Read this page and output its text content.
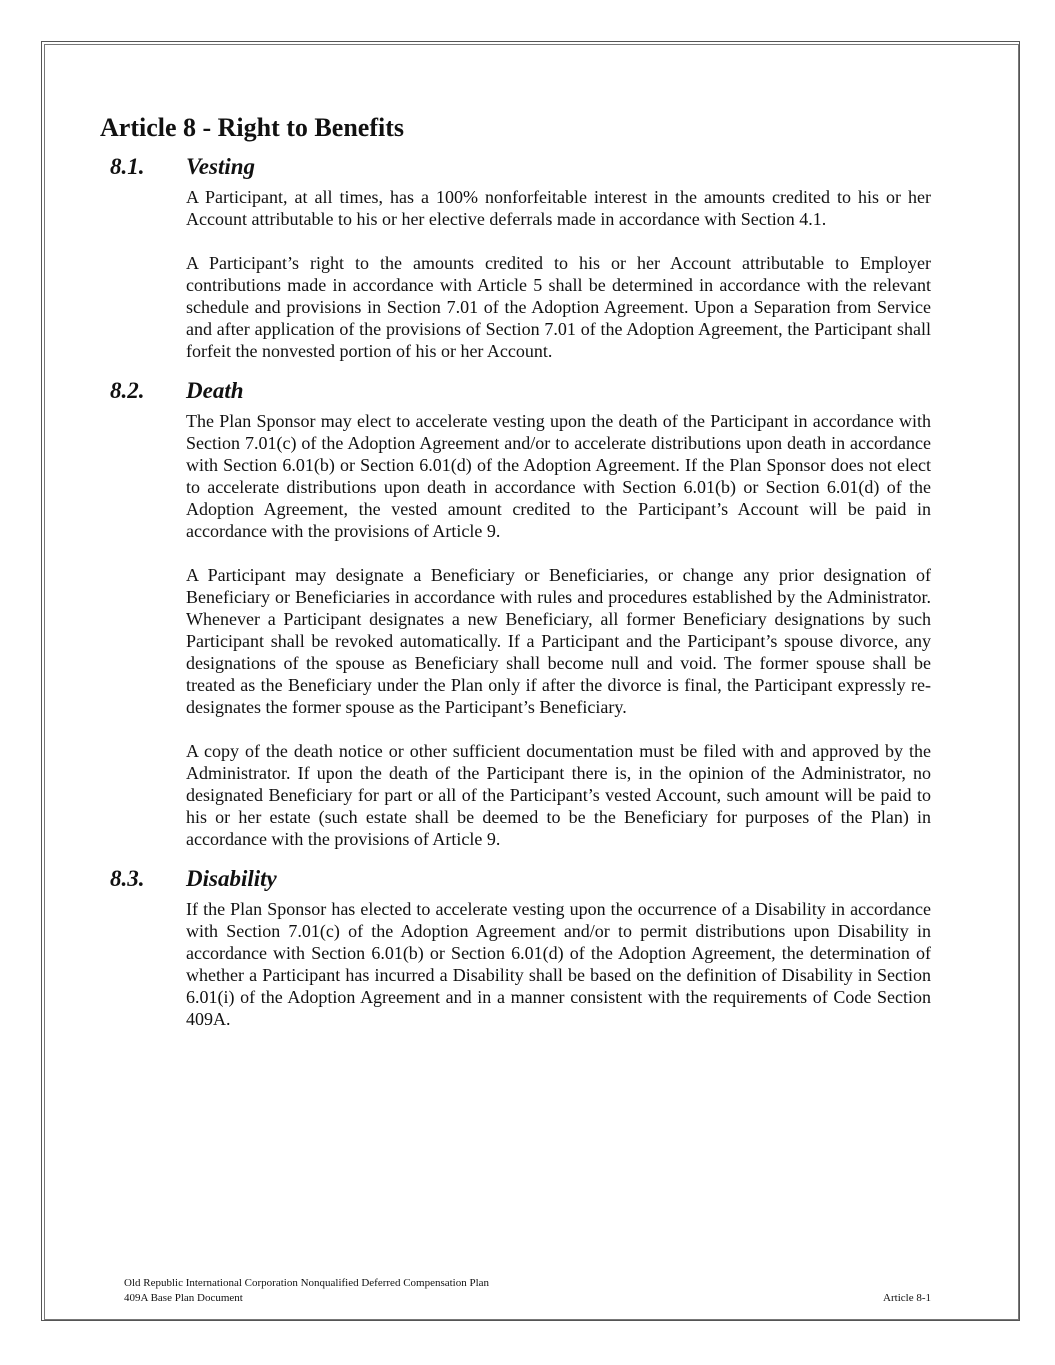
Article 8 - Right to Benefits
8.1. Vesting

A Participant, at all times, has a 100% nonforfeitable interest in the amounts credited to his or her Account attributable to his or her elective deferrals made in accordance with Section 4.1.

A Participant’s right to the amounts credited to his or her Account attributable to Employer contributions made in accordance with Article 5 shall be determined in accordance with the relevant schedule and provisions in Section 7.01 of the Adoption Agreement. Upon a Separation from Service and after application of the provisions of Section 7.01 of the Adoption Agreement, the Participant shall forfeit the nonvested portion of his or her Account.

8.2. Death

The Plan Sponsor may elect to accelerate vesting upon the death of the Participant in accordance with Section 7.01(c) of the Adoption Agreement and/or to accelerate distributions upon death in accordance with Section 6.01(b) or Section 6.01(d) of the Adoption Agreement. If the Plan Sponsor does not elect to accelerate distributions upon death in accordance with Section 6.01(b) or Section 6.01(d) of the Adoption Agreement, the vested amount credited to the Participant’s Account will be paid in accordance with the provisions of Article 9.

A Participant may designate a Beneficiary or Beneficiaries, or change any prior designation of Beneficiary or Beneficiaries in accordance with rules and procedures established by the Administrator. Whenever a Participant designates a new Beneficiary, all former Beneficiary designations by such Participant shall be revoked automatically. If a Participant and the Participant’s spouse divorce, any designations of the spouse as Beneficiary shall become null and void. The former spouse shall be treated as the Beneficiary under the Plan only if after the divorce is final, the Participant expressly re-designates the former spouse as the Participant’s Beneficiary.

A copy of the death notice or other sufficient documentation must be filed with and approved by the Administrator. If upon the death of the Participant there is, in the opinion of the Administrator, no designated Beneficiary for part or all of the Participant’s vested Account, such amount will be paid to his or her estate (such estate shall be deemed to be the Beneficiary for purposes of the Plan) in accordance with the provisions of Article 9.

8.3. Disability

If the Plan Sponsor has elected to accelerate vesting upon the occurrence of a Disability in accordance with Section 7.01(c) of the Adoption Agreement and/or to permit distributions upon Disability in accordance with Section 6.01(b) or Section 6.01(d) of the Adoption Agreement, the determination of whether a Participant has incurred a Disability shall be based on the definition of Disability in Section 6.01(i) of the Adoption Agreement and in a manner consistent with the requirements of Code Section 409A.

Old Republic International Corporation Nonqualified Deferred Compensation Plan
409A Base Plan Document	Article 8-1
